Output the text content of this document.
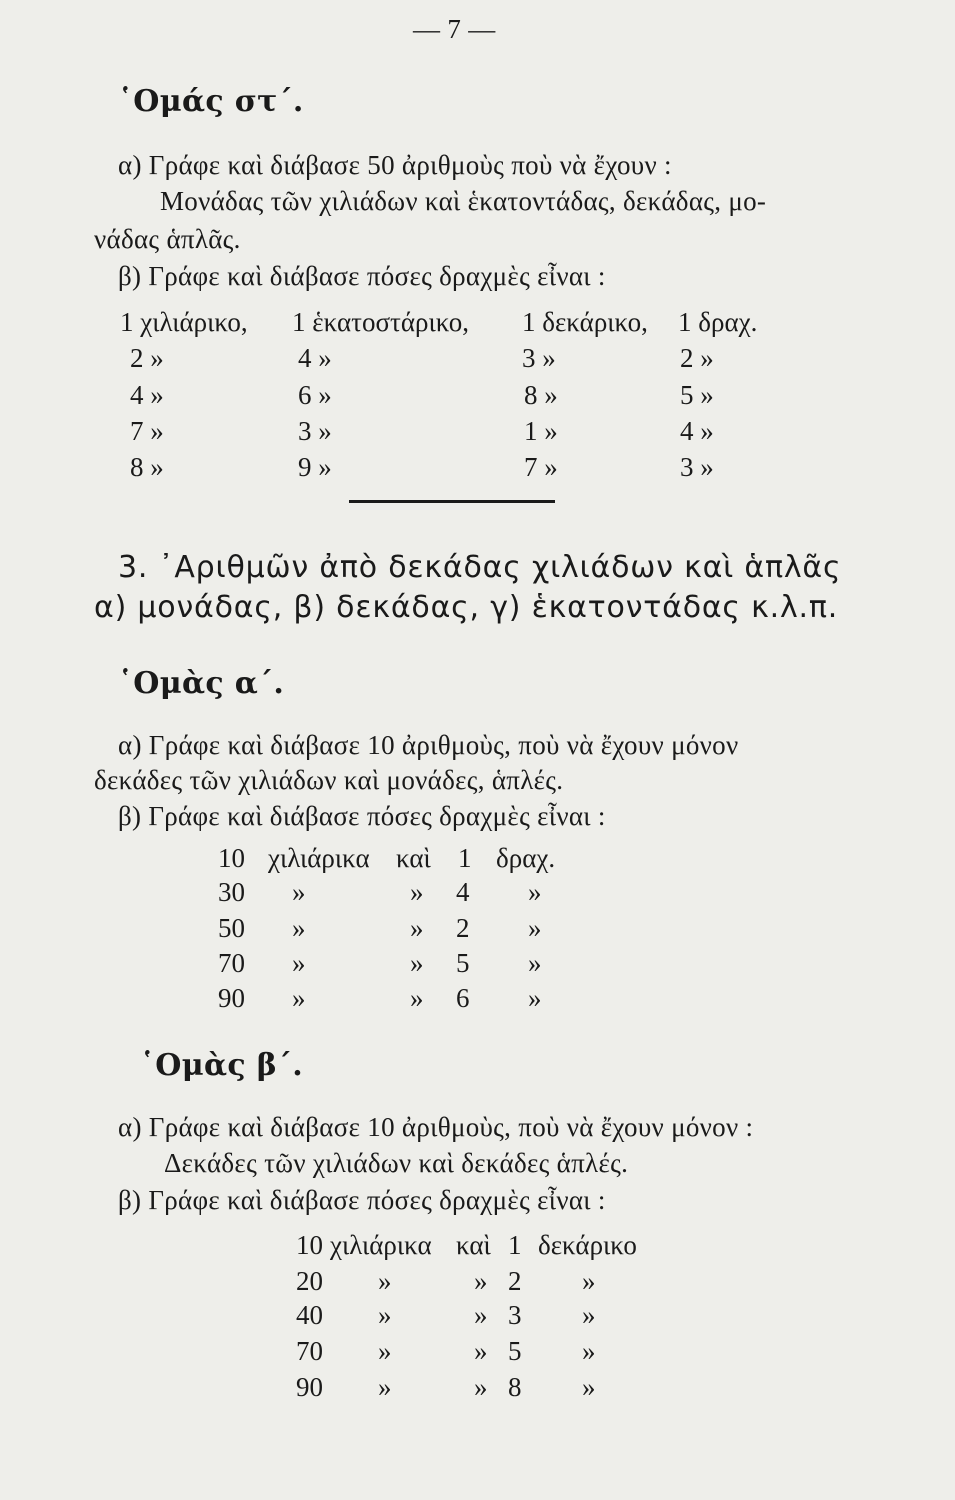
— 7 —
῾Ομάς στ΄.
α) Γράφε καὶ διάβασε 50 ἀριθμοὺς ποὺ νὰ ἔχουν :
Μονάδας τῶν χιλιάδων καὶ ἑκατοντάδας, δεκάδας, μο-
νάδας ἁπλᾶς.
β) Γράφε καὶ διάβασε πόσες δραχμὲς εἶναι :
1 χιλιάρικο, 1 ἑκατοστάρικο, 1 δεκάρικο, 1 δραχ.
2 »	4 »	3 »	2 »
4 »	6 »	8 »	5 »
7 »	3 »	1 »	4 »
8 »	9 »	7 »	3 »
3. ᾿Αριθμῶν ἀπὸ δεκάδας χιλιάδων καὶ ἁπλᾶς
α) μονάδας, β) δεκάδας, γ) ἑκατοντάδας κ.λ.π.
῾Ομὰς α΄.
α) Γράφε καὶ διάβασε 10 ἀριθμοὺς, ποὺ νὰ ἔχουν μόνον
δεκάδες τῶν χιλιάδων καὶ μονάδες, ἁπλές.
β) Γράφε καὶ διάβασε πόσες δραχμὲς εἶναι :
10 χιλιάρικα καὶ 1 δραχ.
30 »	» 4 »
50 »	» 2 »
70 »	» 5 »
90 »	» 6 »
῾Ομὰς β΄.
α) Γράφε καὶ διάβασε 10 ἀριθμοὺς, ποὺ νὰ ἔχουν μόνον :
Δεκάδες τῶν χιλιάδων καὶ δεκάδες ἁπλές.
β) Γράφε καὶ διάβασε πόσες δραχμὲς εἶναι :
10 χιλιάρικα καὶ 1 δεκάρικο
20 »	» 2 »
40 »	» 3 »
70 »	» 5 »
90 »	» 8 »
